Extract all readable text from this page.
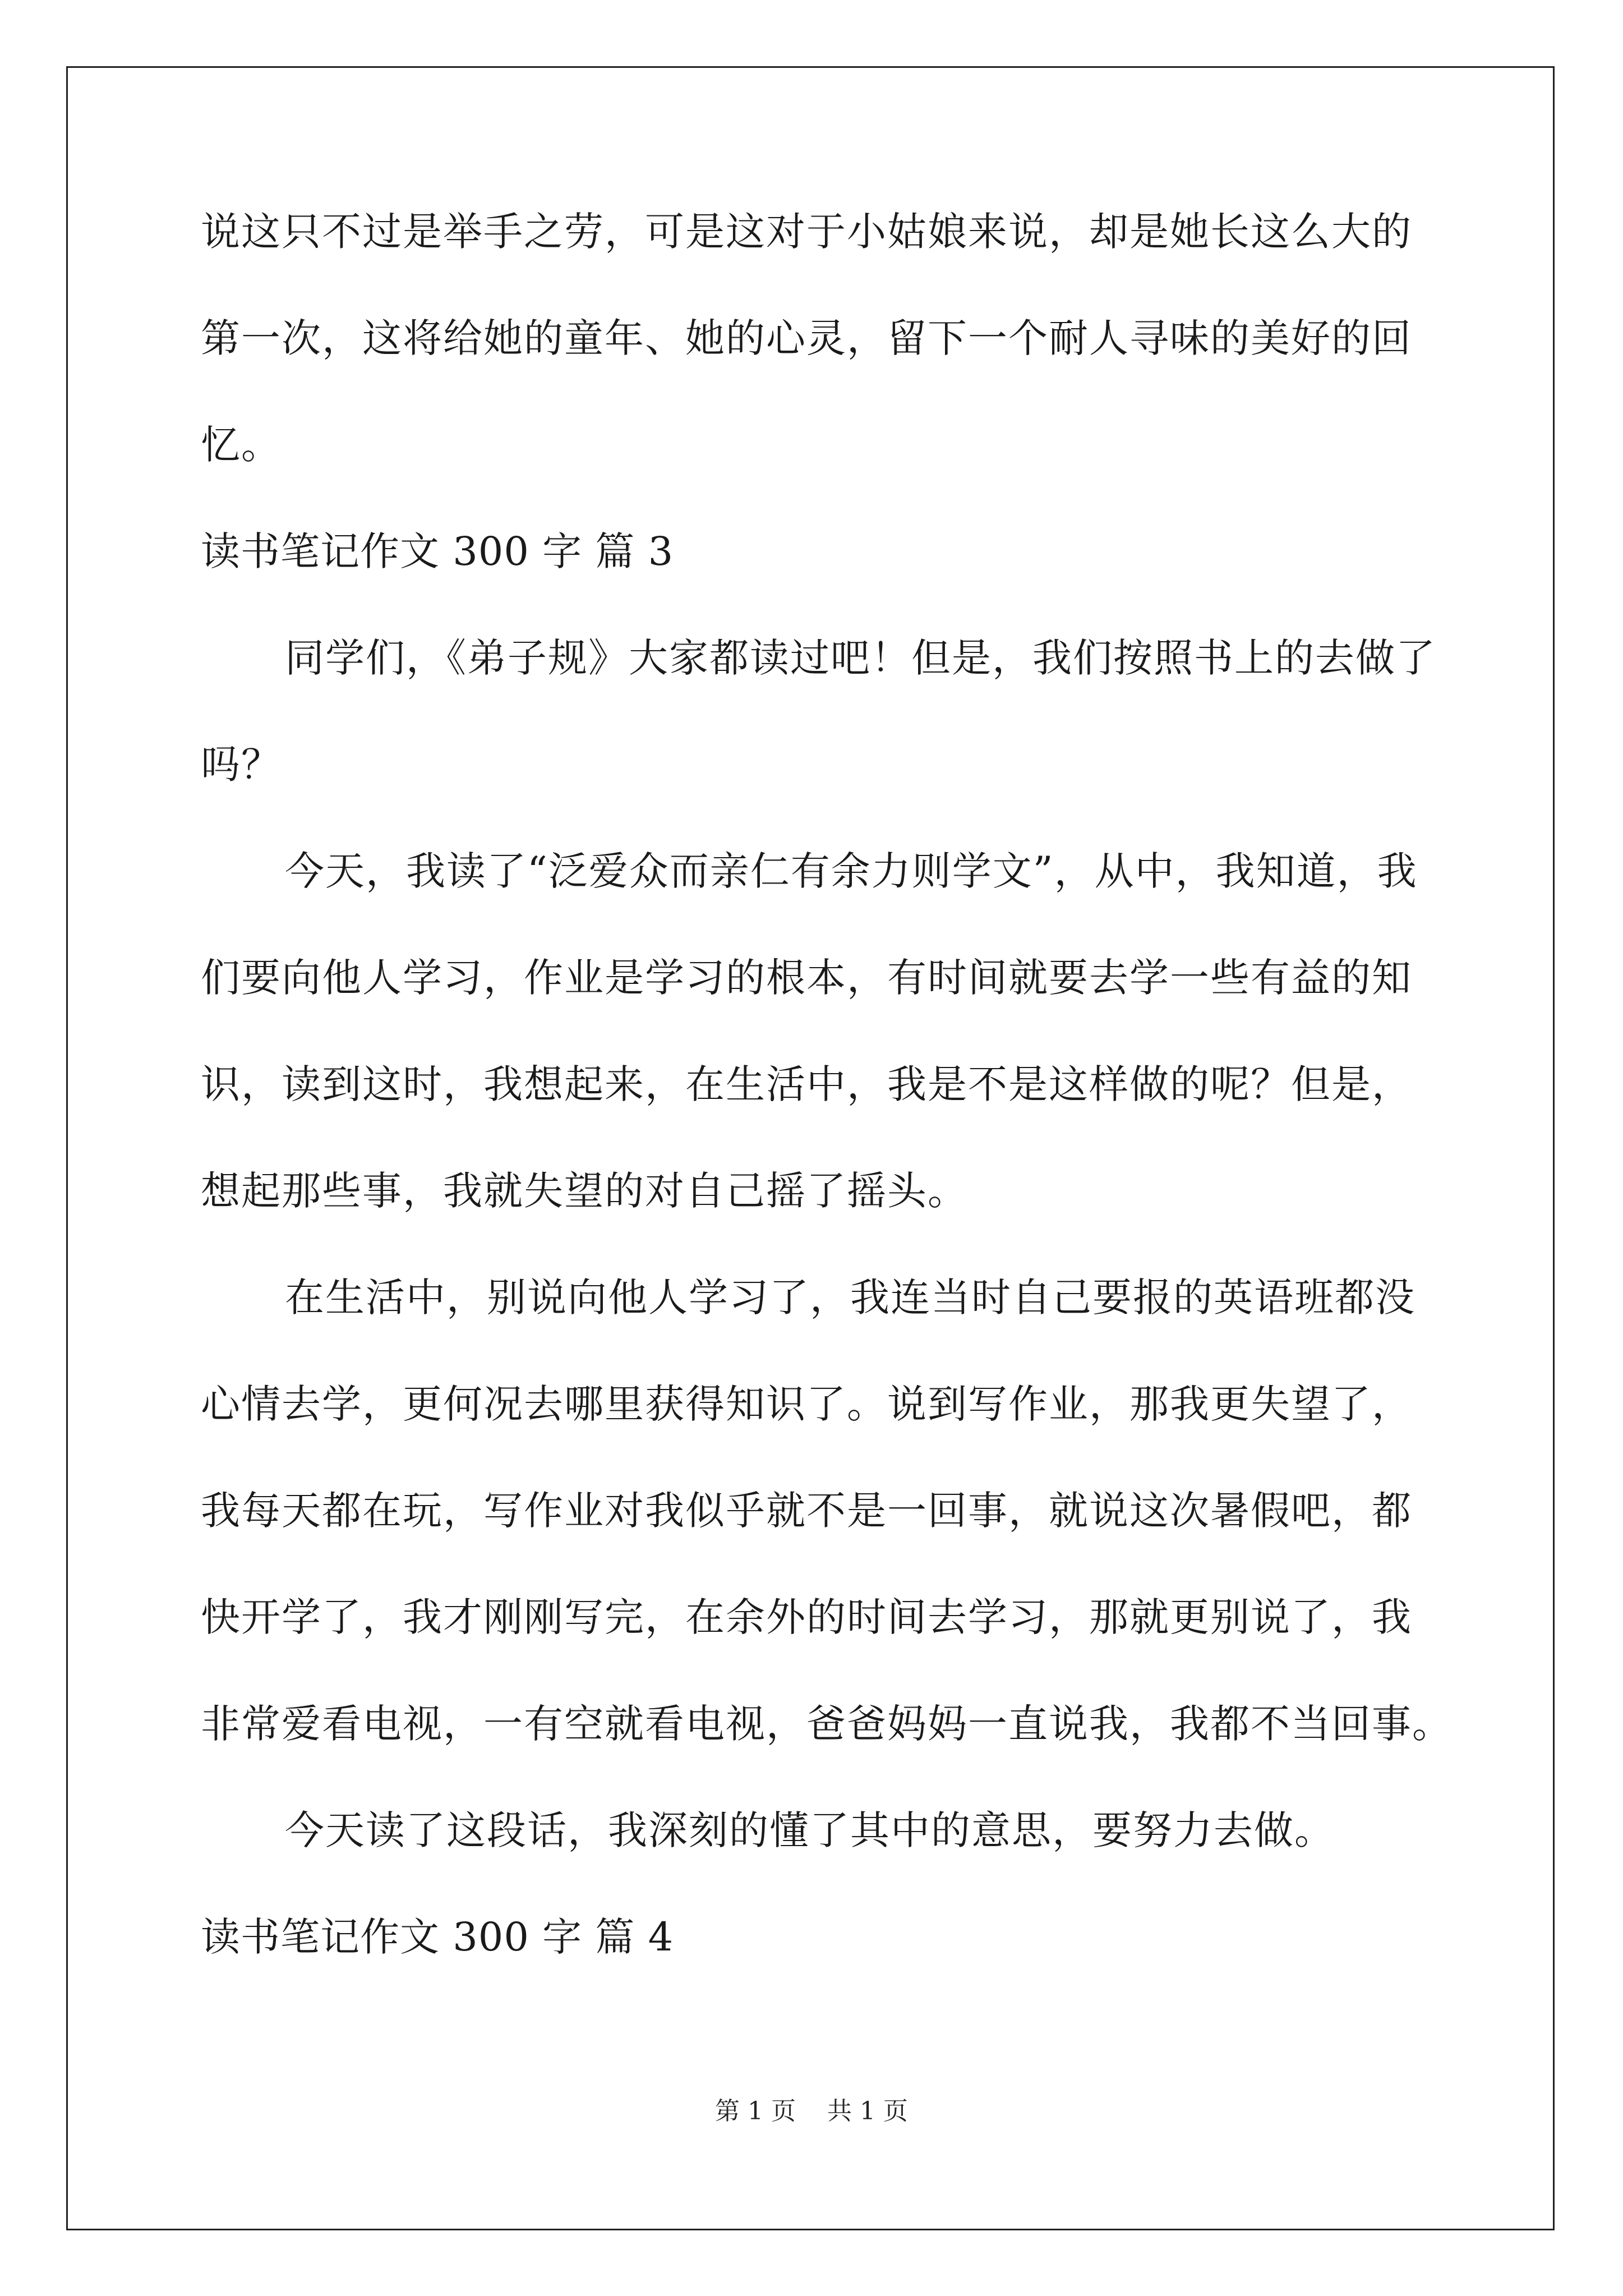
说这只不过是举手之劳，可是这对于小姑娘来说，却是她长这么大的
第一次，这将给她的童年、她的心灵，留下一个耐人寻味的美好的回
忆。
读书笔记作文 300 字 篇 3
同学们，《弟子规》大家都读过吧！但是，我们按照书上的去做了
吗？
今天，我读了“泛爱众而亲仁有余力则学文”，从中，我知道，我
们要向他人学习，作业是学习的根本，有时间就要去学一些有益的知
识，读到这时，我想起来，在生活中，我是不是这样做的呢？但是，
想起那些事，我就失望的对自己摇了摇头。
在生活中，别说向他人学习了，我连当时自己要报的英语班都没
心情去学，更何况去哪里获得知识了。说到写作业，那我更失望了，
我每天都在玩，写作业对我似乎就不是一回事，就说这次暑假吧，都
快开学了，我才刚刚写完，在余外的时间去学习，那就更别说了，我
非常爱看电视，一有空就看电视，爸爸妈妈一直说我，我都不当回事。
今天读了这段话，我深刻的懂了其中的意思，要努力去做。
读书笔记作文 300 字 篇 4
第 1 页    共 1 页
